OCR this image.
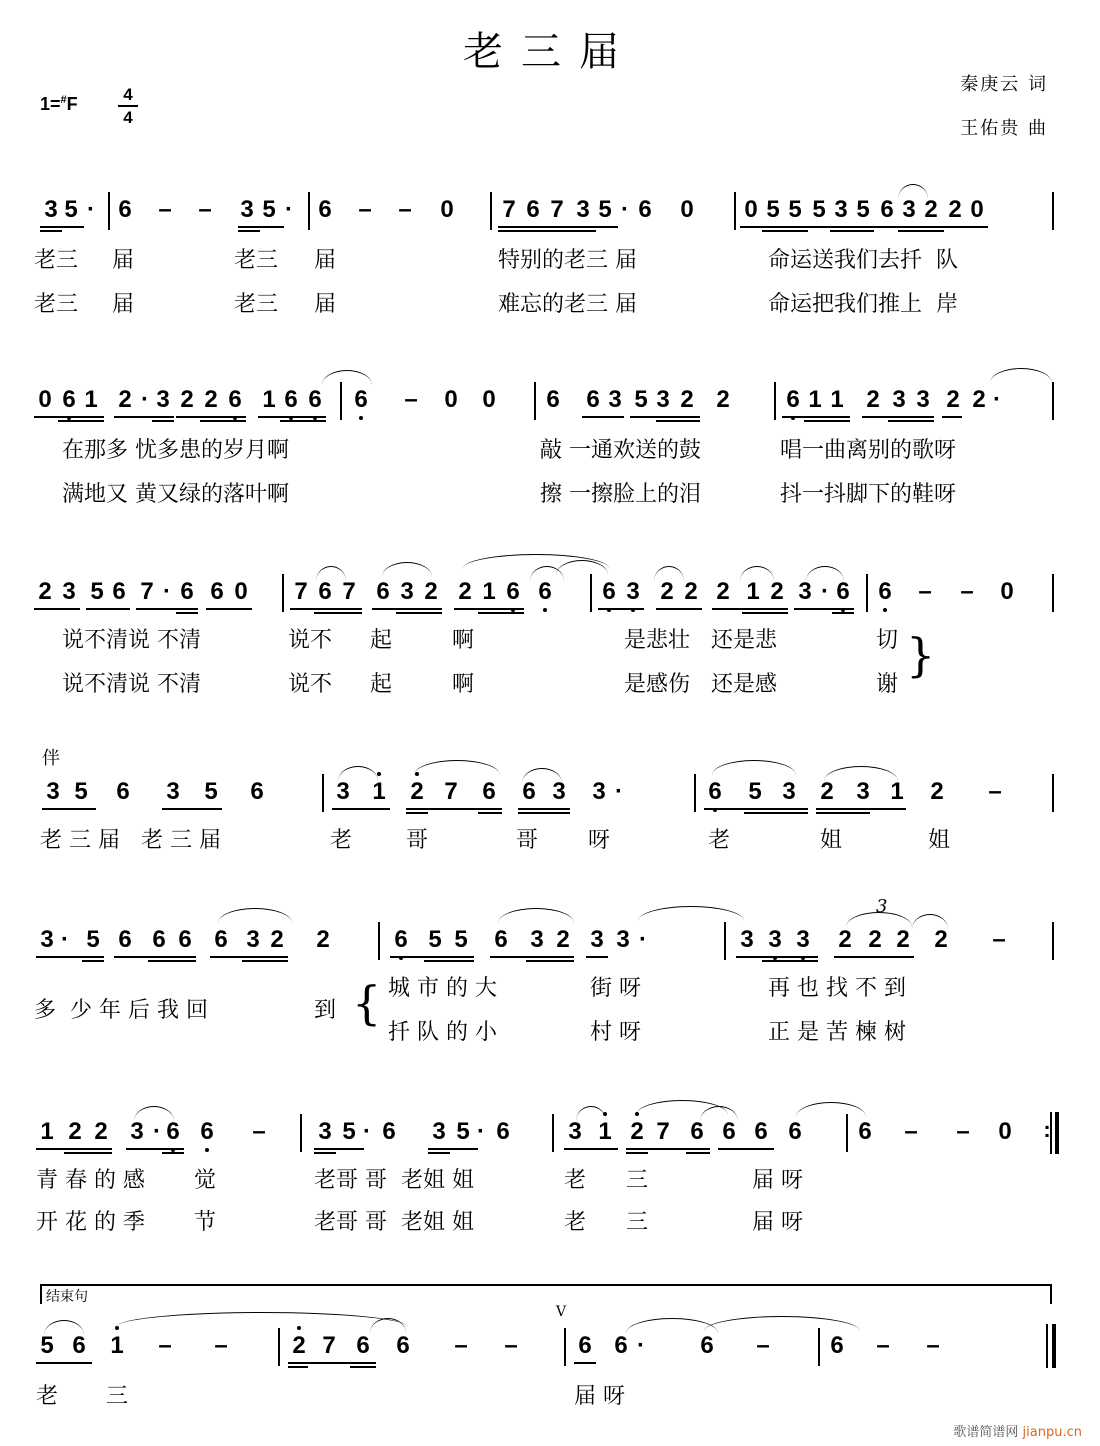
老三届
1=#F	4
4
秦庚云 词
王佑贵 曲
3 5 · 6 – – 3 5 · 6 – – 0 7 6 7 3 5 · 6 0 0 5 5 5 3 5 6 3 2 2 0
老三 届	老三 届	特别的老三 届	命运送我们去扦  队
老三 届	老三 届	难忘的老三 届	命运把我们推上  岸
0 6 1 2 · 3 2 2 6 1 6 6 6 – 0 0 6 6 3 5 3 2 2 6 1 1 2 3 3 2 2 ·
在那多 忧多患的岁月啊	敲 一通欢送的鼓	唱一曲离别的歌呀
满地又 黄又绿的落叶啊	擦 一擦脸上的泪	抖一抖脚下的鞋呀
2 3 5 6 7 · 6 6 0 7 6 7 6 3 2 2 1 6 6 6 3 2 2 2 1 2 3 · 6 6 – – 0
说不清说 不清	说不 起	啊	是悲壮   还是悲	切
说不清说 不清	说不 起	啊	是感伤   还是感	谢
}
3 5 6 3 5 6	3 1 2 7 6 6 3 3 ·	6 5 3 2 3 1 2 –
老 三 届   老 三 届	老 哥	哥 呀	老	姐	姐
伴
3 · 5 6 6 6 6 3 2 2	6 5 5 6 3 2 3 3 ·	3 3 3 2 2 2 2 –
多  少 年 后 我 回	到
城 市 的 大	街 呀	再 也 找 不 到
扦 队 的 小	村 呀	正 是 苦 楝 树
{
3
1 2 2 3 · 6 6 – 3 5 · 6 3 5 · 6 3 1 2 7 6 6 6 6 6 – – 0 :
青 春 的 感 觉	老哥 哥  老姐 姐	老 三	届 呀
开 花 的 季 节	老哥 哥  老姐 姐	老 三	届 呀
5 6 1 – –	2 7 6 6 – –	6 6 · 6 –	6 – –
老 三	届 呀
V
结束句
歌谱简谱网 jianpu.cn
